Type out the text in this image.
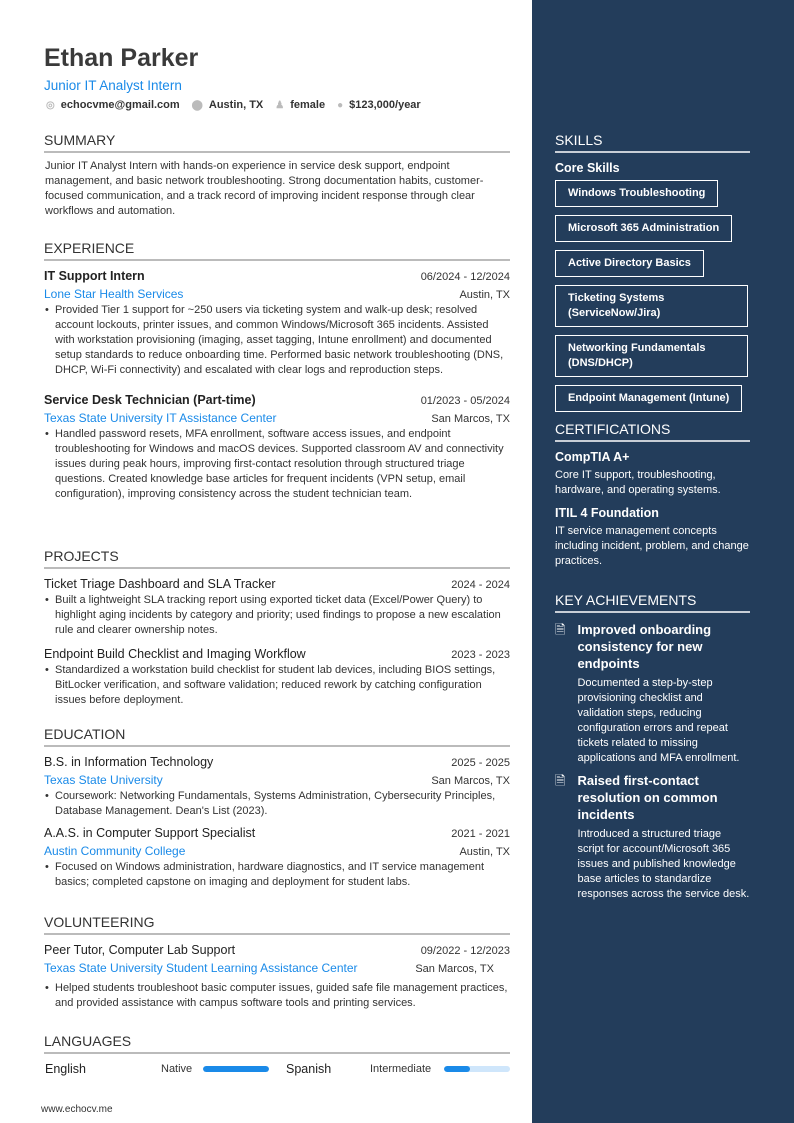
Ethan Parker
Junior IT Analyst Intern
◎ echocvme@gmail.com ⬤ Austin, TX ♟ female ● $123,000/year
SUMMARY
Junior IT Analyst Intern with hands-on experience in service desk support, endpoint management, and basic network troubleshooting. Strong documentation habits, customer-focused communication, and a track record of improving incident response through clear workflows and automation.
EXPERIENCE
IT Support Intern	06/2024 - 12/2024
Lone Star Health Services	Austin, TX
• Provided Tier 1 support for ~250 users via ticketing system and walk-up desk; resolved account lockouts, printer issues, and common Windows/Microsoft 365 incidents. Assisted with workstation provisioning (imaging, asset tagging, Intune enrollment) and documented setup standards to reduce onboarding time. Performed basic network troubleshooting (DNS, DHCP, Wi-Fi connectivity) and escalated with clear logs and reproduction steps.
Service Desk Technician (Part-time)	01/2023 - 05/2024
Texas State University IT Assistance Center	San Marcos, TX
• Handled password resets, MFA enrollment, software access issues, and endpoint troubleshooting for Windows and macOS devices. Supported classroom AV and connectivity issues during peak hours, improving first-contact resolution through structured triage questions. Created knowledge base articles for frequent incidents (VPN setup, email configuration), improving consistency across the student technician team.
PROJECTS
Ticket Triage Dashboard and SLA Tracker	2024 - 2024
• Built a lightweight SLA tracking report using exported ticket data (Excel/Power Query) to highlight aging incidents by category and priority; used findings to propose a new escalation rule and clearer ownership notes.
Endpoint Build Checklist and Imaging Workflow	2023 - 2023
• Standardized a workstation build checklist for student lab devices, including BIOS settings, BitLocker verification, and software validation; reduced rework by catching configuration issues before deployment.
EDUCATION
B.S. in Information Technology	2025 - 2025
Texas State University	San Marcos, TX
• Coursework: Networking Fundamentals, Systems Administration, Cybersecurity Principles, Database Management. Dean's List (2023).
A.A.S. in Computer Support Specialist	2021 - 2021
Austin Community College	Austin, TX
• Focused on Windows administration, hardware diagnostics, and IT service management basics; completed capstone on imaging and deployment for student labs.
VOLUNTEERING
Peer Tutor, Computer Lab Support	09/2022 - 12/2023
Texas State University Student Learning Assistance Center	San Marcos, TX
• Helped students troubleshoot basic computer issues, guided safe file management practices, and provided assistance with campus software tools and printing services.
LANGUAGES
English	Native	Spanish	Intermediate
www.echocv.me
SKILLS
Core Skills
Windows Troubleshooting
Microsoft 365 Administration
Active Directory Basics
Ticketing Systems (ServiceNow/Jira)
Networking Fundamentals (DNS/DHCP)
Endpoint Management (Intune)

CERTIFICATIONS
CompTIA A+
Core IT support, troubleshooting, hardware, and operating systems.
ITIL 4 Foundation
IT service management concepts including incident, problem, and change practices.
KEY ACHIEVEMENTS
🗎 Improved onboarding consistency for new endpoints
Documented a step-by-step provisioning checklist and validation steps, reducing configuration errors and repeat tickets related to missing applications and MFA enrollment.
🗎 Raised first-contact resolution on common incidents
Introduced a structured triage script for account/Microsoft 365 issues and published knowledge base articles to standardize responses across the service desk.
